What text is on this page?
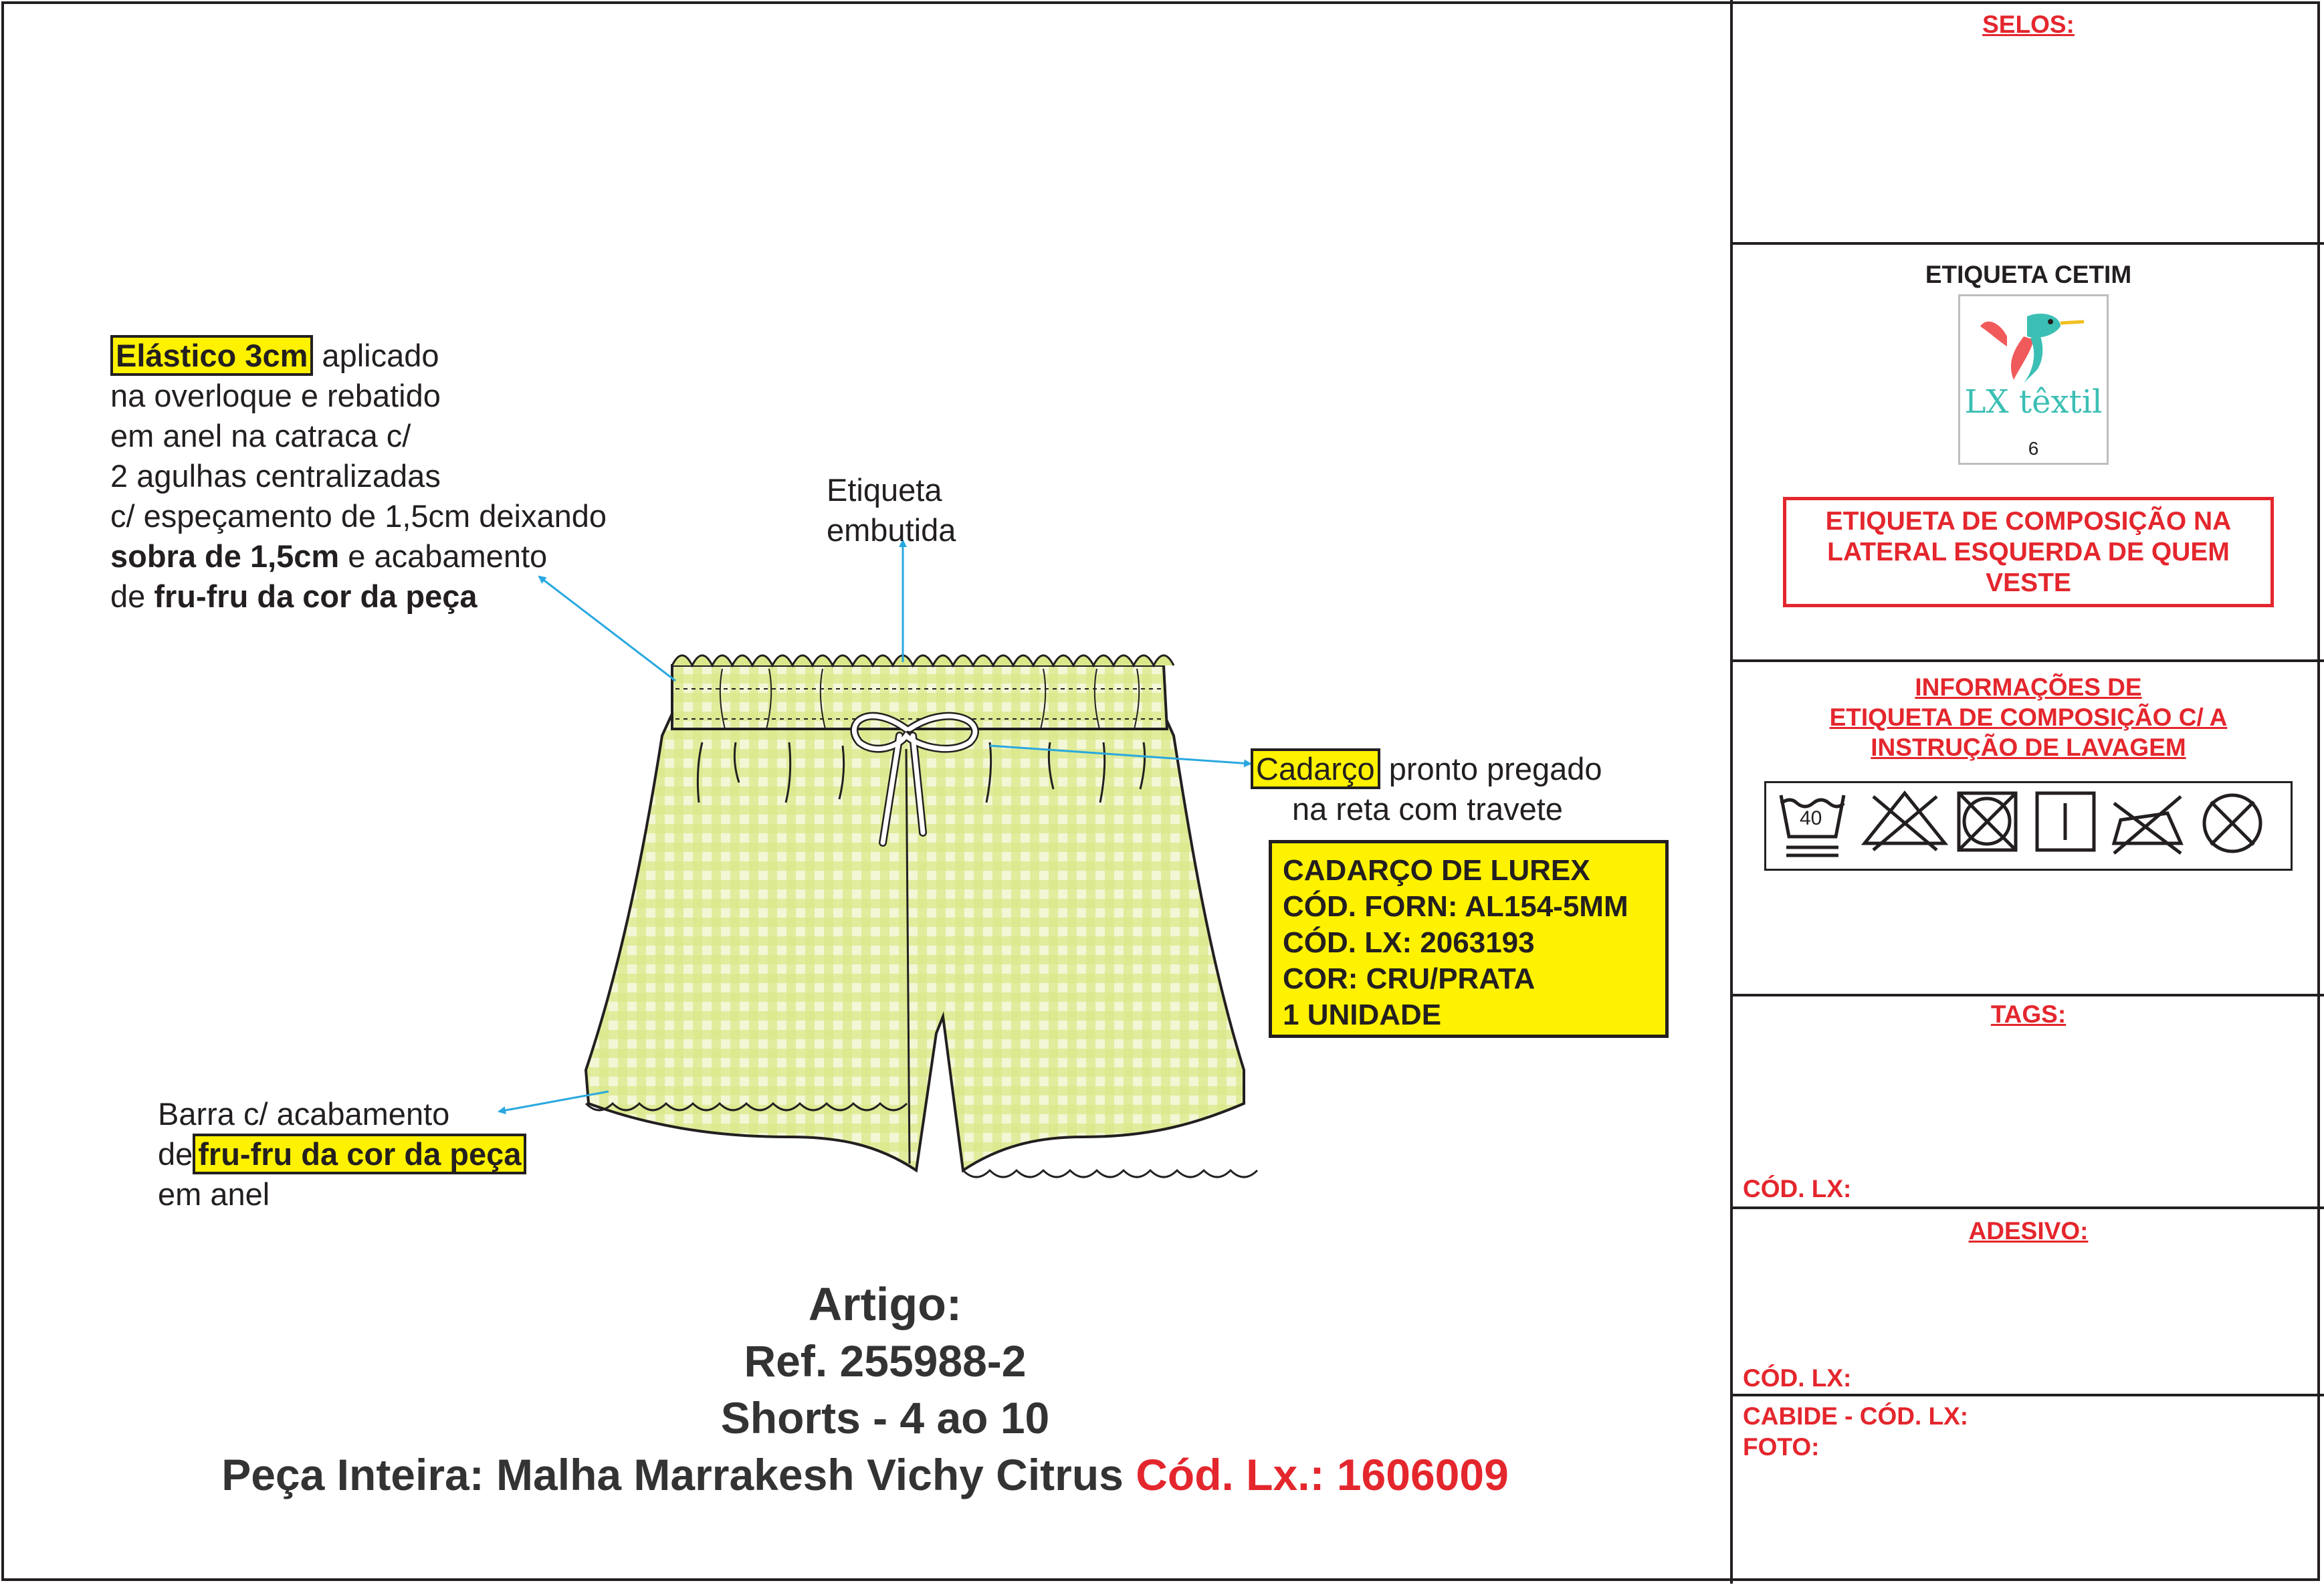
Elástico 3cm aplicado
na overloque e rebatido
em anel na catraca c/
2 agulhas centralizadas
c/ espeçamento de 1,5cm deixando
sobra de 1,5cm e acabamento
de fru-fru da cor da peça
Etiqueta
embutida
Cadarço pronto pregado
na reta com travete
CADARÇO DE LUREX
CÓD. FORN: AL154-5MM
CÓD. LX: 2063193
COR: CRU/PRATA
1 UNIDADE
Barra c/ acabamento
de fru-fru da cor da peça
em anel
Artigo:
Ref. 255988-2
Shorts - 4 ao 10
Peça Inteira: Malha Marrakesh Vichy Citrus Cód. Lx.: 1606009
SELOS:
ETIQUETA CETIM
LX têxtil
6
ETIQUETA DE COMPOSIÇÃO NA
LATERAL ESQUERDA DE QUEM
VESTE
INFORMAÇÕES DE
ETIQUETA DE COMPOSIÇÃO C/ A
INSTRUÇÃO DE LAVAGEM
40
TAGS:
CÓD. LX:
ADESIVO:
CÓD. LX:
CABIDE - CÓD. LX:
FOTO:
